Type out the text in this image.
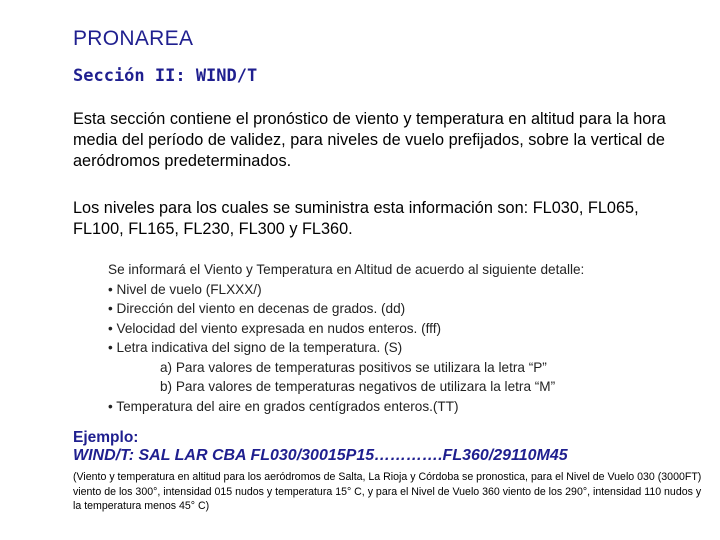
PRONAREA
Sección II: WIND/T
Esta sección contiene el pronóstico de viento y temperatura en altitud para la hora media del período de validez, para niveles de vuelo prefijados, sobre la vertical de aeródromos predeterminados.
Los niveles para los cuales se suministra esta información son: FL030, FL065, FL100, FL165, FL230, FL300 y FL360.
Se informará el Viento y Temperatura en Altitud de acuerdo al siguiente detalle:
• Nivel de vuelo (FLXXX/)
• Dirección del viento en decenas de grados. (dd)
• Velocidad del viento expresada en nudos enteros. (fff)
• Letra indicativa del signo de la temperatura. (S)
a) Para valores de temperaturas positivos se utilizara la letra “P”
b) Para valores de temperaturas negativos de utilizara la letra “M”
• Temperatura del aire en grados centígrados enteros.(TT)
Ejemplo:
WIND/T: SAL LAR CBA FL030/30015P15………….FL360/29110M45
(Viento y temperatura en altitud para los aeródromos de Salta, La Rioja y Córdoba se pronostica, para el Nivel de Vuelo 030 (3000FT) viento de los 300°, intensidad 015 nudos y temperatura 15° C, y para el Nivel de Vuelo 360 viento de los 290°, intensidad 110 nudos y la temperatura menos 45° C)
